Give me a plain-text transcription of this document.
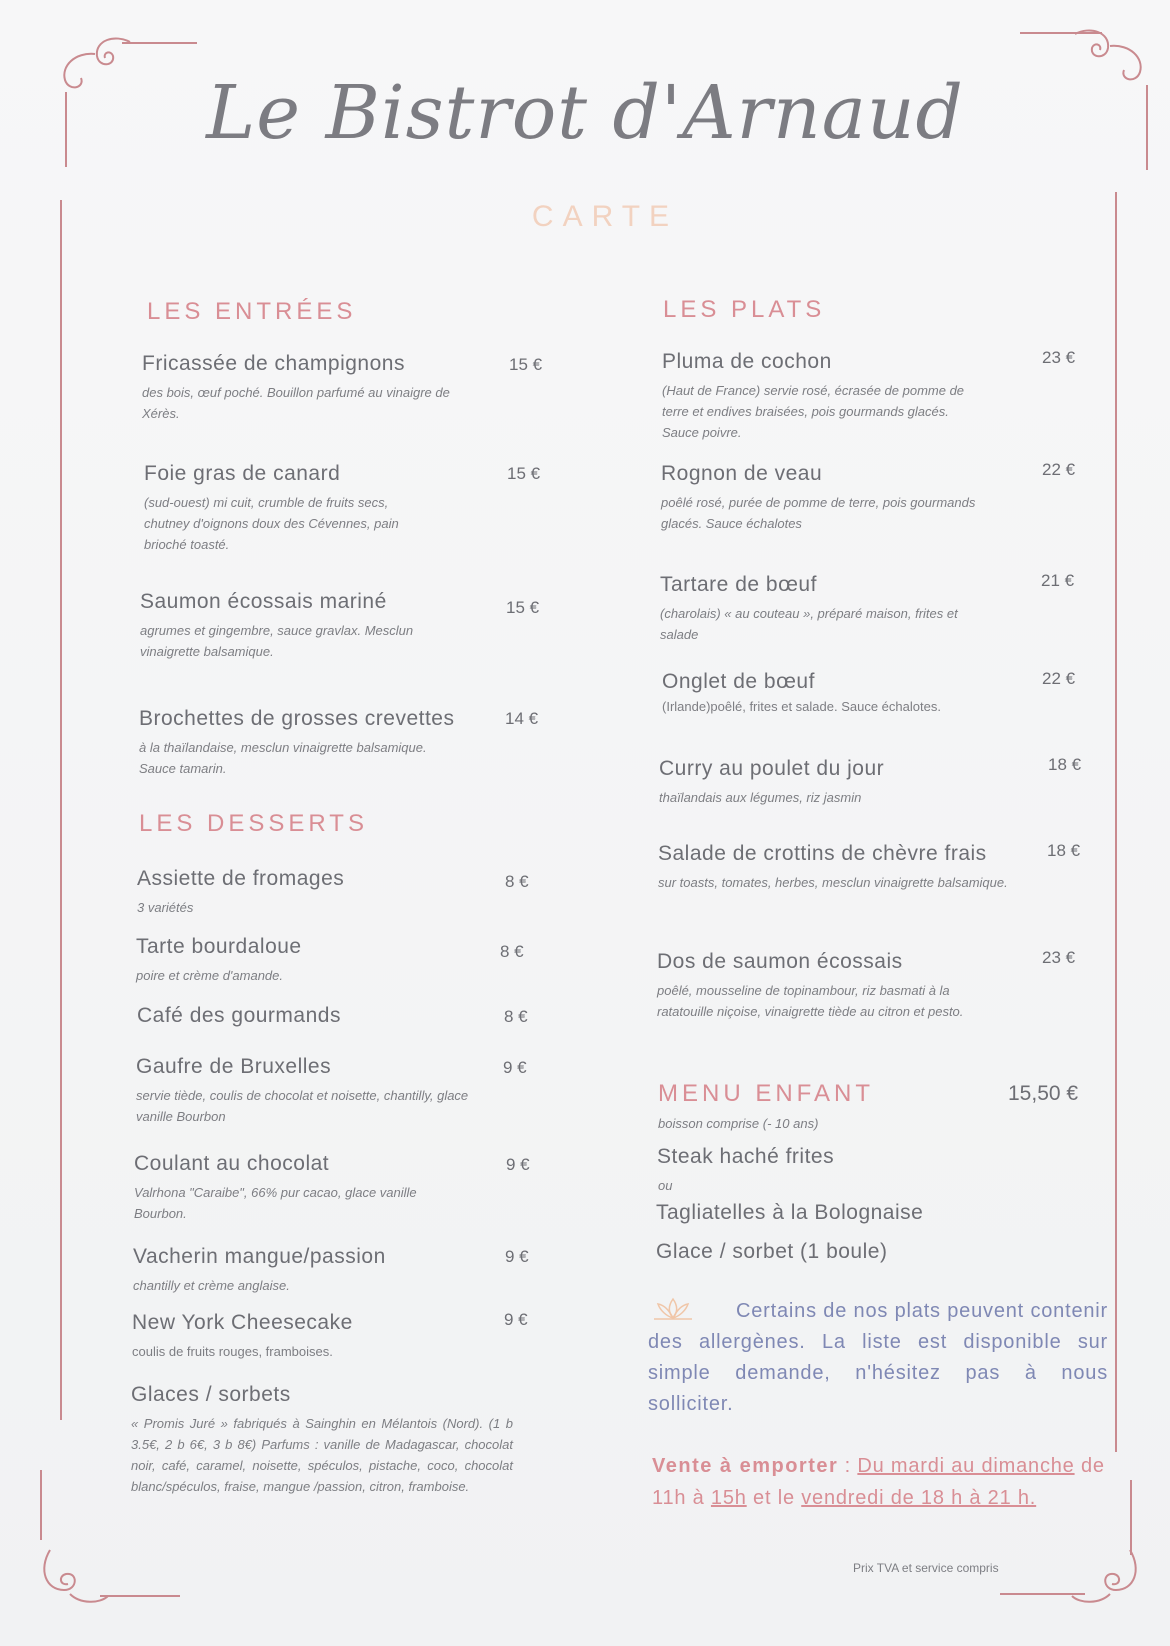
Le Bistrot d'Arnaud
CARTE
LES ENTRÉES
Fricassée de champignons
des bois, œuf poché. Bouillon parfumé au vinaigre de Xérès.
15 €
Foie gras de canard
(sud-ouest) mi cuit, crumble de fruits secs, chutney d'oignons doux des Cévennes, pain brioché toasté.
15 €
Saumon écossais mariné
agrumes et gingembre, sauce gravlax. Mesclun vinaigrette balsamique.
15 €
Brochettes de grosses crevettes
à la thaïlandaise, mesclun vinaigrette balsamique. Sauce tamarin.
14 €
LES DESSERTS
Assiette de fromages
3 variétés
8 €
Tarte bourdaloue
poire et crème d'amande.
8 €
Café des gourmands	8 €
Gaufre de Bruxelles
servie tiède, coulis de chocolat et noisette, chantilly, glace vanille Bourbon
9 €
Coulant au chocolat
Valrhona "Caraibe", 66% pur cacao, glace vanille Bourbon.
9 €
Vacherin mangue/passion
chantilly et crème anglaise.
9 €
New York Cheesecake
coulis de fruits rouges, framboises.
9 €
Glaces / sorbets
« Promis Juré » fabriqués à Sainghin en Mélantois (Nord). (1 b 3.5€, 2 b 6€, 3 b 8€) Parfums : vanille de Madagascar, chocolat noir, café, caramel, noisette, spéculos, pistache, coco, chocolat blanc/spéculos, fraise, mangue /passion, citron, framboise.
LES PLATS
Pluma de cochon
(Haut de France) servie rosé, écrasée de pomme de terre et endives braisées, pois gourmands glacés. Sauce poivre.
23 €
Rognon de veau
poêlé rosé, purée de pomme de terre, pois gourmands glacés. Sauce échalotes
22 €
Tartare de bœuf
(charolais) « au couteau », préparé maison, frites et salade
21 €
Onglet de bœuf
(Irlande)poêlé, frites et salade. Sauce échalotes.
22 €
Curry au poulet du jour
thaïlandais aux légumes, riz jasmin
18 €
Salade de crottins de chèvre frais
sur toasts, tomates, herbes, mesclun vinaigrette balsamique.
18 €
Dos de saumon écossais
poêlé, mousseline de topinambour, riz basmati à la ratatouille niçoise, vinaigrette tiède au citron et pesto.
23 €
MENU ENFANT	15,50 €
boisson comprise (- 10 ans)
Steak haché frites
ou
Tagliatelles à la Bolognaise
Glace / sorbet (1 boule)
Certains de nos plats peuvent contenir des allergènes. La liste est disponible sur simple demande, n'hésitez pas à nous solliciter.
Vente à emporter : Du mardi au dimanche de 11h à 15h et le vendredi de 18 h à 21 h.
Prix TVA et service compris
